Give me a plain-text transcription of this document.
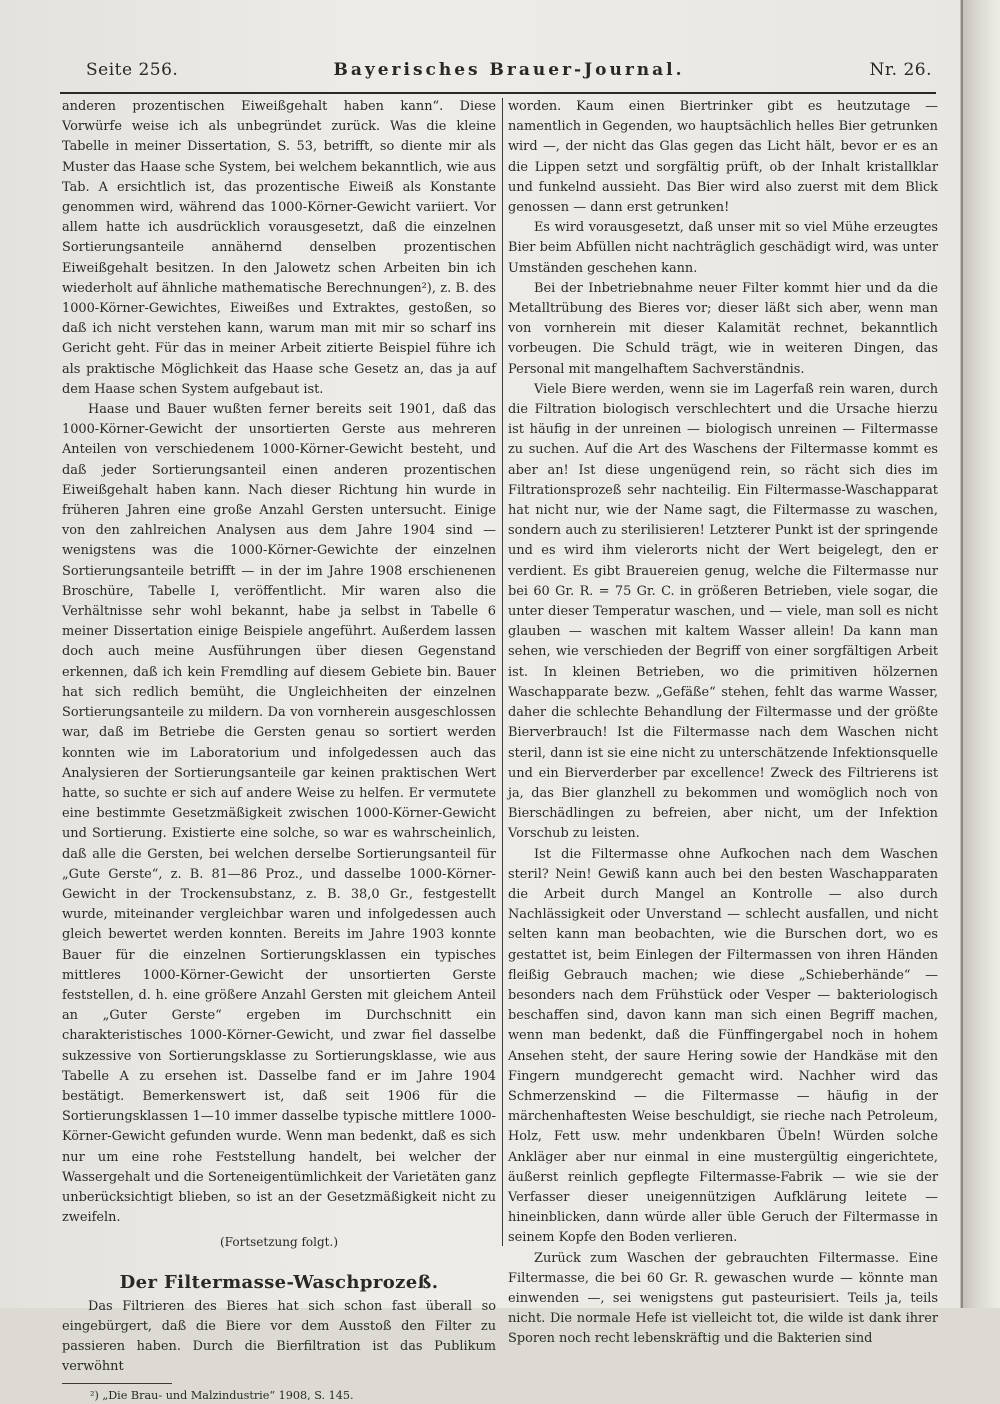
Seite 256.	Bayerisches Brauer-Journal.	Nr. 26.

anderen prozentischen Eiweißgehalt haben kann“. Diese Vorwürfe weise ich als unbegründet zurück. Was die kleine Tabelle in meiner Dissertation, S. 53, betrifft, so diente mir als Muster das Haase sche System, bei welchem bekanntlich, wie aus Tab. A ersichtlich ist, das prozentische Eiweiß als Konstante genommen wird, während das 1000-Körner-Gewicht variiert. Vor allem hatte ich ausdrücklich vorausgesetzt, daß die einzelnen Sortierungsanteile annähernd denselben prozentischen Eiweißgehalt besitzen. In den Jalowetz schen Arbeiten bin ich wiederholt auf ähnliche mathematische Berechnungen²), z. B. des 1000-Körner-Gewichtes, Eiweißes und Extraktes, gestoßen, so daß ich nicht verstehen kann, warum man mit mir so scharf ins Gericht geht. Für das in meiner Arbeit zitierte Beispiel führe ich als praktische Möglichkeit das Haase sche Gesetz an, das ja auf dem Haase schen System aufgebaut ist.

Haase und Bauer wußten ferner bereits seit 1901, daß das 1000-Körner-Gewicht der unsortierten Gerste aus mehreren Anteilen von verschiedenem 1000-Körner-Gewicht besteht, und daß jeder Sortierungsanteil einen anderen prozentischen Eiweißgehalt haben kann. Nach dieser Richtung hin wurde in früheren Jahren eine große Anzahl Gersten untersucht. Einige von den zahlreichen Analysen aus dem Jahre 1904 sind — wenigstens was die 1000-Körner-Gewichte der einzelnen Sortierungsanteile betrifft — in der im Jahre 1908 erschienenen Broschüre, Tabelle I, veröffentlicht. Mir waren also die Verhältnisse sehr wohl bekannt, habe ja selbst in Tabelle 6 meiner Dissertation einige Beispiele angeführt. Außerdem lassen doch auch meine Ausführungen über diesen Gegenstand erkennen, daß ich kein Fremdling auf diesem Gebiete bin. Bauer hat sich redlich bemüht, die Ungleichheiten der einzelnen Sortierungsanteile zu mildern. Da von vornherein ausgeschlossen war, daß im Betriebe die Gersten genau so sortiert werden konnten wie im Laboratorium und infolgedessen auch das Analysieren der Sortierungsanteile gar keinen praktischen Wert hatte, so suchte er sich auf andere Weise zu helfen. Er vermutete eine bestimmte Gesetzmäßigkeit zwischen 1000-Körner-Gewicht und Sortierung. Existierte eine solche, so war es wahrscheinlich, daß alle die Gersten, bei welchen derselbe Sortierungsanteil für „Gute Gerste“, z. B. 81—86 Proz., und dasselbe 1000-Körner-Gewicht in der Trockensubstanz, z. B. 38,0 Gr., festgestellt wurde, miteinander vergleichbar waren und infolgedessen auch gleich bewertet werden konnten. Bereits im Jahre 1903 konnte Bauer für die einzelnen Sortierungsklassen ein typisches mittleres 1000-Körner-Gewicht der unsortierten Gerste feststellen, d. h. eine größere Anzahl Gersten mit gleichem Anteil an „Guter Gerste“ ergeben im Durchschnitt ein charakteristisches 1000-Körner-Gewicht, und zwar fiel dasselbe sukzessive von Sortierungsklasse zu Sortierungsklasse, wie aus Tabelle A zu ersehen ist. Dasselbe fand er im Jahre 1904 bestätigt. Bemerkenswert ist, daß seit 1906 für die Sortierungsklassen 1—10 immer dasselbe typische mittlere 1000-Körner-Gewicht gefunden wurde. Wenn man bedenkt, daß es sich nur um eine rohe Feststellung handelt, bei welcher der Wassergehalt und die Sorteneigentümlichkeit der Varietäten ganz unberücksichtigt blieben, so ist an der Gesetzmäßigkeit nicht zu zweifeln.

(Fortsetzung folgt.)
Der Filtermasse-Waschprozeß.

Das Filtrieren des Bieres hat sich schon fast überall so eingebürgert, daß die Biere vor dem Ausstoß den Filter zu passieren haben. Durch die Bierfiltration ist das Publikum verwöhnt

²) „Die Brau- und Malzindustrie“ 1908, S. 145.

worden. Kaum einen Biertrinker gibt es heutzutage — namentlich in Gegenden, wo hauptsächlich helles Bier getrunken wird —, der nicht das Glas gegen das Licht hält, bevor er es an die Lippen setzt und sorgfältig prüft, ob der Inhalt kristallklar und funkelnd aussieht. Das Bier wird also zuerst mit dem Blick genossen — dann erst getrunken!

Es wird vorausgesetzt, daß unser mit so viel Mühe erzeugtes Bier beim Abfüllen nicht nachträglich geschädigt wird, was unter Umständen geschehen kann.

Bei der Inbetriebnahme neuer Filter kommt hier und da die Metalltrübung des Bieres vor; dieser läßt sich aber, wenn man von vornherein mit dieser Kalamität rechnet, bekanntlich vorbeugen. Die Schuld trägt, wie in weiteren Dingen, das Personal mit mangelhaftem Sachverständnis.

Viele Biere werden, wenn sie im Lagerfaß rein waren, durch die Filtration biologisch verschlechtert und die Ursache hierzu ist häufig in der unreinen — biologisch unreinen — Filtermasse zu suchen. Auf die Art des Waschens der Filtermasse kommt es aber an! Ist diese ungenügend rein, so rächt sich dies im Filtrationsprozeß sehr nachteilig. Ein Filtermasse-Waschapparat hat nicht nur, wie der Name sagt, die Filtermasse zu waschen, sondern auch zu sterilisieren! Letzterer Punkt ist der springende und es wird ihm vielerorts nicht der Wert beigelegt, den er verdient. Es gibt Brauereien genug, welche die Filtermasse nur bei 60 Gr. R. = 75 Gr. C. in größeren Betrieben, viele sogar, die unter dieser Temperatur waschen, und — viele, man soll es nicht glauben — waschen mit kaltem Wasser allein! Da kann man sehen, wie verschieden der Begriff von einer sorgfältigen Arbeit ist. In kleinen Betrieben, wo die primitiven hölzernen Waschapparate bezw. „Gefäße“ stehen, fehlt das warme Wasser, daher die schlechte Behandlung der Filtermasse und der größte Bierverbrauch! Ist die Filtermasse nach dem Waschen nicht steril, dann ist sie eine nicht zu unterschätzende Infektionsquelle und ein Bierverderber par excellence! Zweck des Filtrierens ist ja, das Bier glanzhell zu bekommen und womöglich noch von Bierschädlingen zu befreien, aber nicht, um der Infektion Vorschub zu leisten.

Ist die Filtermasse ohne Aufkochen nach dem Waschen steril? Nein! Gewiß kann auch bei den besten Waschapparaten die Arbeit durch Mangel an Kontrolle — also durch Nachlässigkeit oder Unverstand — schlecht ausfallen, und nicht selten kann man beobachten, wie die Burschen dort, wo es gestattet ist, beim Einlegen der Filtermassen von ihren Händen fleißig Gebrauch machen; wie diese „Schieberhände“ — besonders nach dem Frühstück oder Vesper — bakteriologisch beschaffen sind, davon kann man sich einen Begriff machen, wenn man bedenkt, daß die Fünffingergabel noch in hohem Ansehen steht, der saure Hering sowie der Handkäse mit den Fingern mundgerecht gemacht wird. Nachher wird das Schmerzenskind — die Filtermasse — häufig in der märchenhaftesten Weise beschuldigt, sie rieche nach Petroleum, Holz, Fett usw. mehr undenkbaren Übeln! Würden solche Ankläger aber nur einmal in eine mustergültig eingerichtete, äußerst reinlich gepflegte Filtermasse-Fabrik — wie sie der Verfasser dieser uneigennützigen Aufklärung leitete — hineinblicken, dann würde aller üble Geruch der Filtermasse in seinem Kopfe den Boden verlieren.

Zurück zum Waschen der gebrauchten Filtermasse. Eine Filtermasse, die bei 60 Gr. R. gewaschen wurde — könnte man einwenden —, sei wenigstens gut pasteurisiert. Teils ja, teils nicht. Die normale Hefe ist vielleicht tot, die wilde ist dank ihrer Sporen noch recht lebenskräftig und die Bakterien sind
